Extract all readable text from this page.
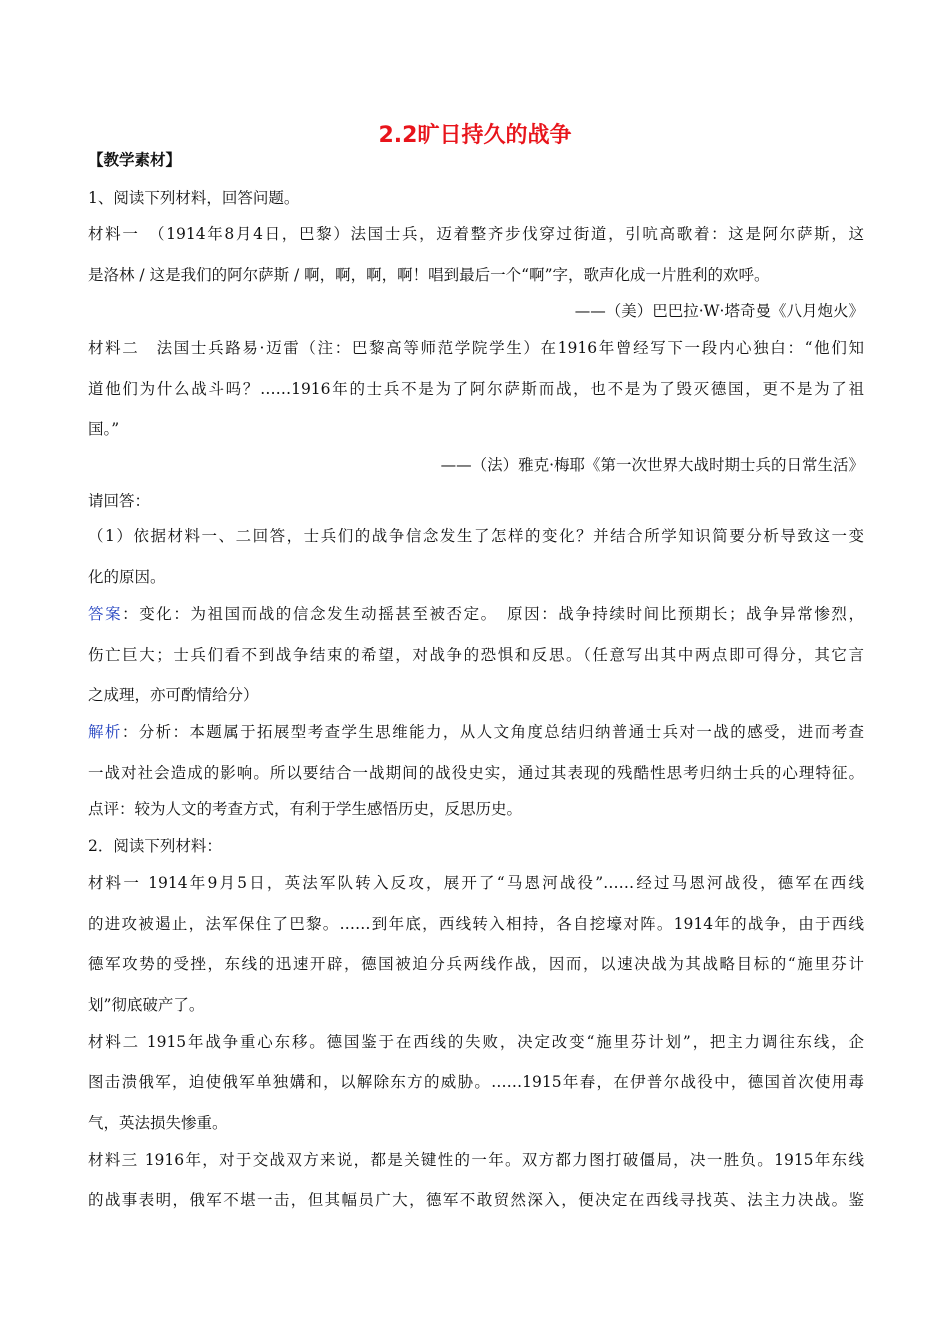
2.2旷日持久的战争
【教学素材】
1、阅读下列材料，回答问题。
材料一　（1914年8月4日，巴黎）法国士兵，迈着整齐步伐穿过街道，引吭高歌着：这是阿尔萨斯，这
是洛林 / 这是我们的阿尔萨斯 / 啊，啊，啊，啊！唱到最后一个“啊”字，歌声化成一片胜利的欢呼。
——（美）巴巴拉·W·塔奇曼《八月炮火》
材料二　法国士兵路易·迈雷（注：巴黎高等师范学院学生）在1916年曾经写下一段内心独白：“他们知
道他们为什么战斗吗？……1916年的士兵不是为了阿尔萨斯而战，也不是为了毁灭德国，更不是为了祖
国。”
——（法）雅克·梅耶《第一次世界大战时期士兵的日常生活》
请回答：
（1）依据材料一、二回答，士兵们的战争信念发生了怎样的变化？并结合所学知识简要分析导致这一变
化的原因。
答案：变化：为祖国而战的信念发生动摇甚至被否定。　原因：战争持续时间比预期长；战争异常惨烈，
伤亡巨大；士兵们看不到战争结束的希望，对战争的恐惧和反思。（任意写出其中两点即可得分，其它言
之成理，亦可酌情给分）
解析：分析：本题属于拓展型考查学生思维能力，从人文角度总结归纳普通士兵对一战的感受，进而考查
一战对社会造成的影响。所以要结合一战期间的战役史实，通过其表现的残酷性思考归纳士兵的心理特征。
点评：较为人文的考查方式，有利于学生感悟历史，反思历史。
2．阅读下列材料：
材料一 1914年9月5日，英法军队转入反攻，展开了“马恩河战役”……经过马恩河战役，德军在西线
的进攻被遏止，法军保住了巴黎。……到年底，西线转入相持，各自挖壕对阵。1914年的战争，由于西线
德军攻势的受挫，东线的迅速开辟，德国被迫分兵两线作战，因而，以速决战为其战略目标的“施里芬计
划”彻底破产了。
材料二 1915年战争重心东移。德国鉴于在西线的失败，决定改变“施里芬计划”，把主力调往东线，企
图击溃俄军，迫使俄军单独媾和，以解除东方的威胁。……1915年春，在伊普尔战役中，德国首次使用毒
气，英法损失惨重。
材料三 1916年，对于交战双方来说，都是关键性的一年。双方都力图打破僵局，决一胜负。1915年东线
的战事表明，俄军不堪一击，但其幅员广大，德军不敢贸然深入，便决定在西线寻找英、法主力决战。鉴
